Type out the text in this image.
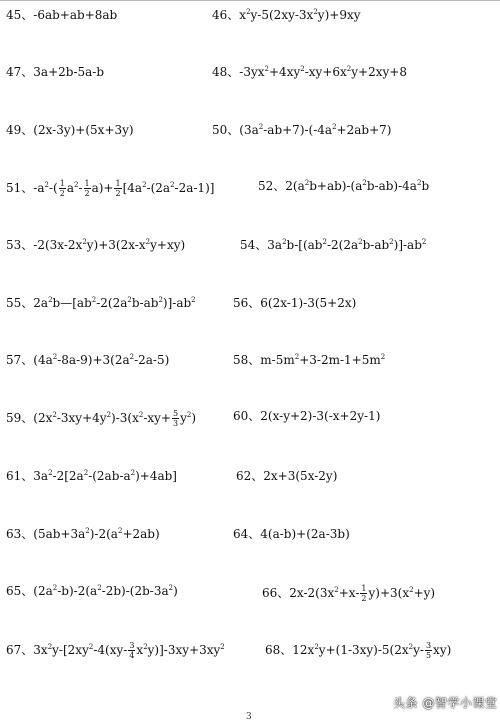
45、-6ab+ab+8ab	46、$x^2y-5(2xy-3x^2y)+9xy$
47、3a+2b-5a-b	48、$-3yx^2+4xy^2-xy+6x^2y+2xy+8$
49、(2x-3y)+(5x+3y)	50、$(3a^2-ab+7)-(-4a^2+2ab+7)$
51、$-a^2-( \frac{1}{2} a^2- \frac{1}{2} a)+ \frac{1}{2} [4a^2-(2a^2-2a-1)]$	52、$2(a^2b+ab)-(a^2b-ab)-4a^2b$
53、$-2(3x-2x^2y)+3(2x-x^2y+xy)$	54、$3a^2b-[(ab^2-2(2a^2b-ab^2)]-ab^2$
55、$2a^2b—[ab^2-2(2a^2b-ab^2)]-ab^2$	56、6(2x-1)-3(5+2x)
57、$(4a^2-8a-9)+3(2a^2-2a-5)$	58、$m-5m^2+3-2m-1+5m^2$
59、$(2x^2-3xy+4y^2)-3(x^2-xy+ \frac{5}{3} y^2)$	60、2(x-y+2)-3(-x+2y-1)
61、$3a^2-2[2a^2-(2ab-a^2)+4ab]$	62、2x+3(5x-2y)
63、$(5ab+3a^2)-2(a^2+2ab)$	64、4(a-b)+(2a-3b)
65、$(2a^2-b)-2(a^2-2b)-(2b-3a^2)$	66、$2x-2(3x^2+x- \frac{1}{2} y)+3(x^2+y)$
67、$3x^2y-[2xy^2-4(xy- \frac{3}{4} x^2y)]-3xy+3xy^2$	68、$12x^2y+(1-3xy)-5(2x^2y- \frac{3}{5} xy)$
头条 @智学小课堂
3
